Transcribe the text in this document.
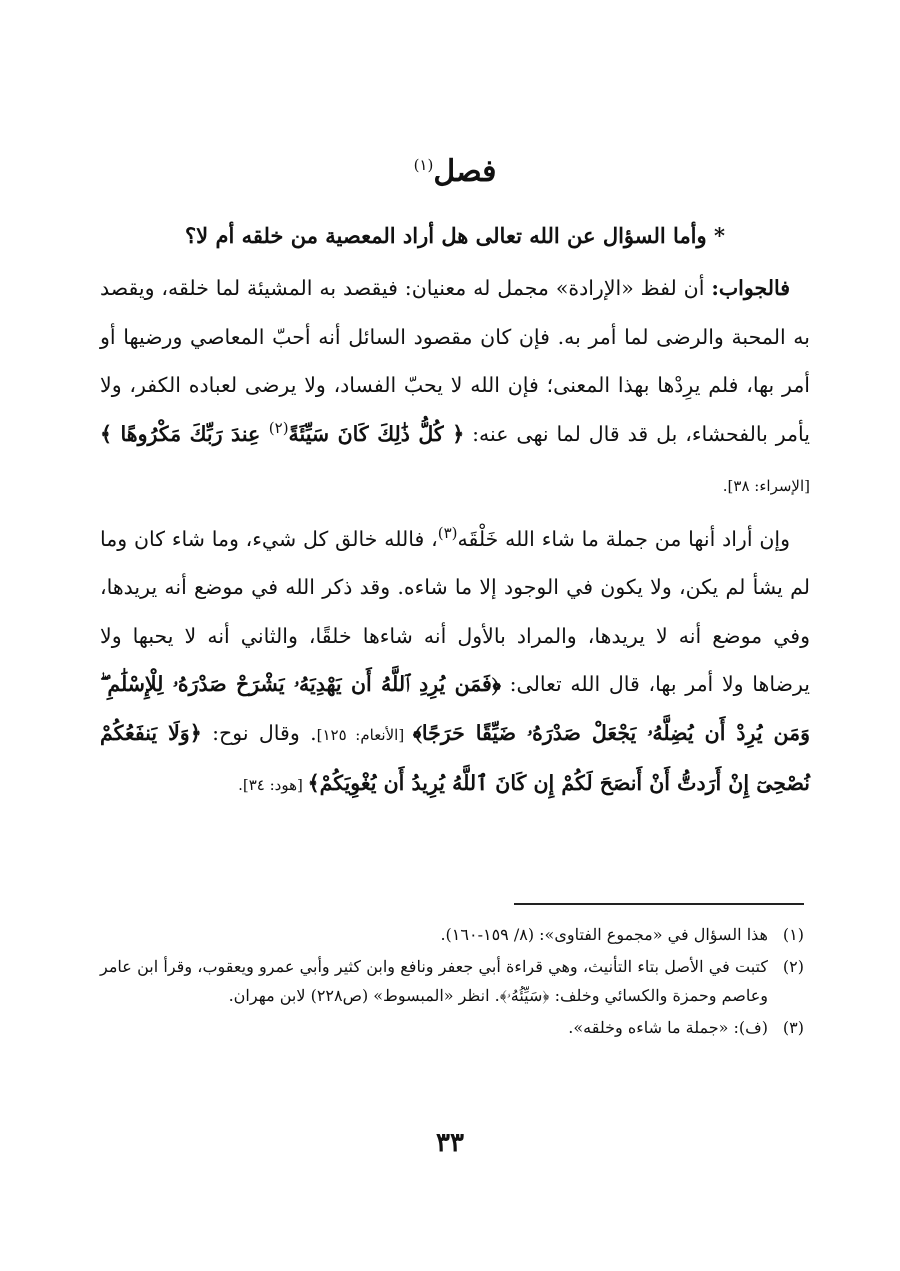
فصل$^{(١)}$
* وأما السؤال عن الله تعالى هل أراد المعصية من خلقه أم لا؟

فالجواب: أن لفظ «الإرادة» مجمل له معنيان: فيقصد به المشيئة لما خلقه، ويقصد به المحبة والرضى لما أمر به. فإن كان مقصود السائل أنه أحبّ المعاصي ورضيها أو أمر بها، فلم يرِدْها بهذا المعنى؛ فإن الله لا يحبّ الفساد، ولا يرضى لعباده الكفر، ولا يأمر بالفحشاء، بل قد قال لما نهى عنه: ﴿ كُلُّ ذَٰلِكَ كَانَ سَيِّئَةً$^{(٢)}$ عِندَ رَبِّكَ مَكْرُوهًا ﴾ [الإسراء: ٣٨].

وإن أراد أنها من جملة ما شاء الله خَلْقَه$^{(٣)}$، فالله خالق كل شيء، وما شاء كان وما لم يشأ لم يكن، ولا يكون في الوجود إلا ما شاءه. وقد ذكر الله في موضع أنه يريدها، وفي موضع أنه لا يريدها، والمراد بالأول أنه شاءها خلقًا، والثاني أنه لا يحبها ولا يرضاها ولا أمر بها، قال الله تعالى: ﴿فَمَن يُرِدِ ٱللَّهُ أَن يَهْدِيَهُۥ يَشْرَحْ صَدْرَهُۥ لِلْإِسْلَٰمِ ۖ وَمَن يُرِدْ أَن يُضِلَّهُۥ يَجْعَلْ صَدْرَهُۥ ضَيِّقًا حَرَجًا﴾ [الأنعام: ١٢٥]. وقال نوح: ﴿وَلَا يَنفَعُكُمْ نُصْحِىٓ إِنْ أَرَدتُّ أَنْ أَنصَحَ لَكُمْ إِن كَانَ ٱللَّهُ يُرِيدُ أَن يُغْوِيَكُمْ﴾ [هود: ٣٤].

(١)
هذا السؤال في «مجموع الفتاوى»: (٨/ ١٥٩-١٦٠).
(٢)
كتبت في الأصل بتاء التأنيث، وهي قراءة أبي جعفر ونافع وابن كثير وأبي عمرو ويعقوب، وقرأ ابن عامر وعاصم وحمزة والكسائي وخلف: ﴿سَيِّئُهُۥ﴾. انظر «المبسوط» (ص٢٢٨) لابن مهران.
(٣)
(ف): «جملة ما شاءه وخلقه».
٣٣
